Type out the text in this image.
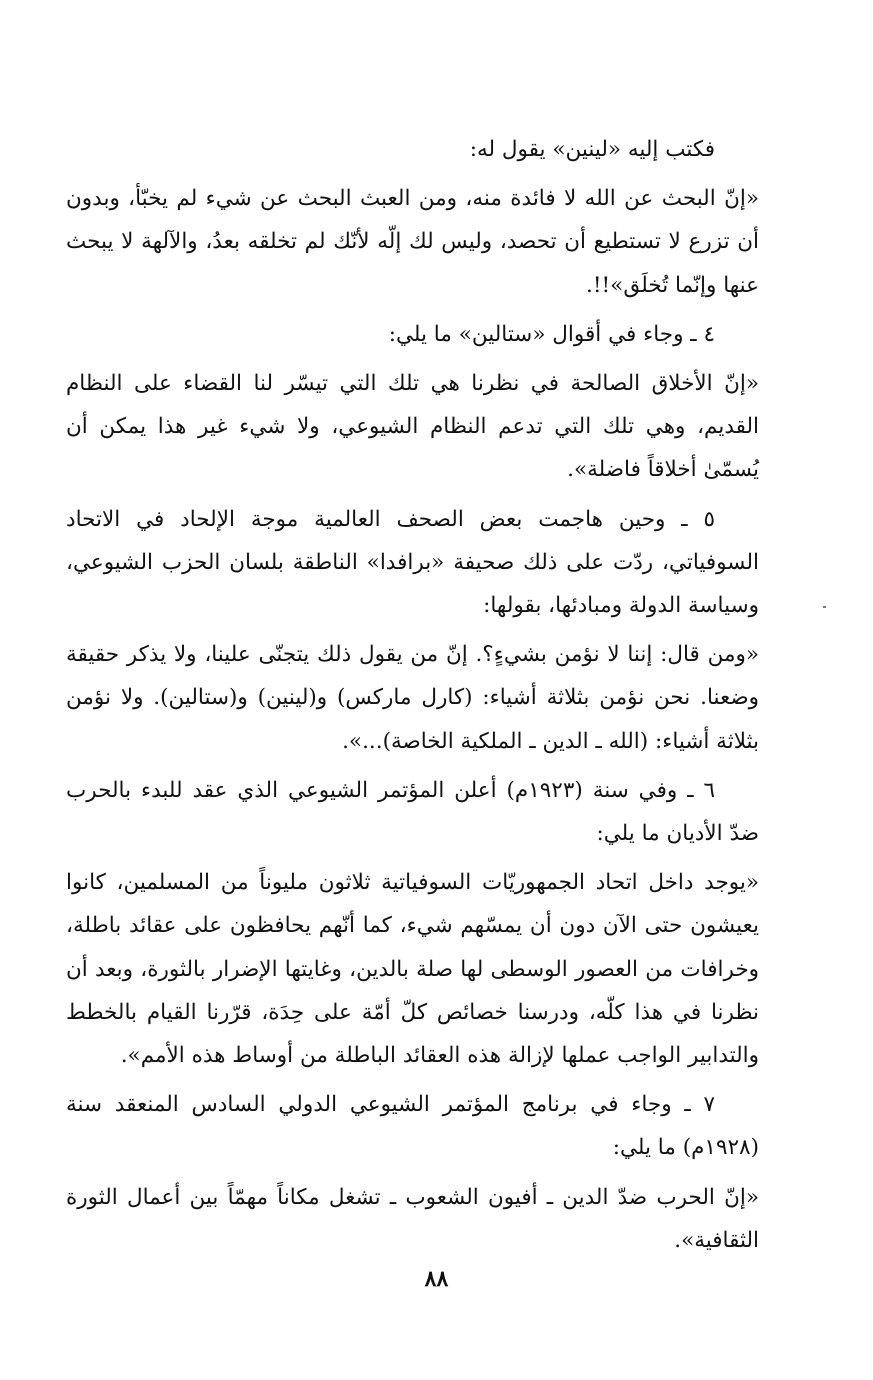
فكتب إليه «لينين» يقول له:

«إنّ البحث عن الله لا فائدة منه، ومن العبث البحث عن شيء لم يخبّأ، وبدون أن تزرع لا تستطيع أن تحصد، وليس لك إلّه لأنّك لم تخلقه بعدُ، والآلهة لا يبحث عنها وإنّما تُخلَق»!!.

٤ ـ وجاء في أقوال «ستالين» ما يلي:

«إنّ الأخلاق الصالحة في نظرنا هي تلك التي تيسّر لنا القضاء على النظام القديم، وهي تلك التي تدعم النظام الشيوعي، ولا شيء غير هذا يمكن أن يُسمّىٰ أخلاقاً فاضلة».

٥ ـ وحين هاجمت بعض الصحف العالمية موجة الإلحاد في الاتحاد السوفياتي، ردّت على ذلك صحيفة «برافدا» الناطقة بلسان الحزب الشيوعي، وسياسة الدولة ومبادئها، بقولها:

«ومن قال: إننا لا نؤمن بشيءٍ؟. إنّ من يقول ذلك يتجنّى علينا، ولا يذكر حقيقة وضعنا. نحن نؤمن بثلاثة أشياء: (كارل ماركس) و(لينين) و(ستالين). ولا نؤمن بثلاثة أشياء: (الله ـ الدين ـ الملكية الخاصة)...».

٦ ـ وفي سنة (١٩٢٣م) أعلن المؤتمر الشيوعي الذي عقد للبدء بالحرب ضدّ الأديان ما يلي:

«يوجد داخل اتحاد الجمهوريّات السوفياتية ثلاثون مليوناً من المسلمين، كانوا يعيشون حتى الآن دون أن يمسّهم شيء، كما أنّهم يحافظون على عقائد باطلة، وخرافات من العصور الوسطى لها صلة بالدين، وغايتها الإضرار بالثورة، وبعد أن نظرنا في هذا كلّه، ودرسنا خصائص كلّ أمّة على حِدَة، قرّرنا القيام بالخطط والتدابير الواجب عملها لإزالة هذه العقائد الباطلة من أوساط هذه الأمم».

٧ ـ وجاء في برنامج المؤتمر الشيوعي الدولي السادس المنعقد سنة (١٩٢٨م) ما يلي:

«إنّ الحرب ضدّ الدين ـ أفيون الشعوب ـ تشغل مكاناً مهمّاً بين أعمال الثورة الثقافية».

٨٨
